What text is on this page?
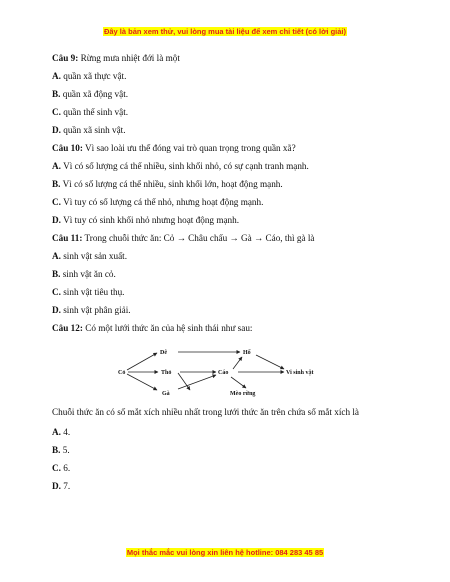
Đây là bản xem thử, vui lòng mua tài liệu để xem chi tiết (có lời giải)
Câu 9: Rừng mưa nhiệt đới là một
A. quần xã thực vật.
B. quần xã động vật.
C. quần thể sinh vật.
D. quần xã sinh vật.
Câu 10: Vì sao loài ưu thế đóng vai trò quan trọng trong quần xã?
A. Vì có số lượng cá thể nhiều, sinh khối nhỏ, có sự cạnh tranh mạnh.
B. Vì có số lượng cá thể nhiều, sinh khối lớn, hoạt động mạnh.
C. Vì tuy có số lượng cá thể nhỏ, nhưng hoạt động mạnh.
D. Vì tuy có sinh khối nhỏ nhưng hoạt động mạnh.
Câu 11: Trong chuỗi thức ăn: Cỏ → Châu chấu → Gà → Cáo, thì gà là
A. sinh vật sản xuất.
B. sinh vật ăn cỏ.
C. sinh vật tiêu thụ.
D. sinh vật phân giải.
Câu 12: Có một lưới thức ăn của hệ sinh thái như sau:
Cỏ
Dê
Thỏ
Gà
Cáo
Hổ
Mèo rừng
Vi sinh vật
Chuỗi thức ăn có số mắt xích nhiều nhất trong lưới thức ăn trên chứa số mắt xích là
A. 4.
B. 5.
C. 6.
D. 7.
Mọi thắc mắc vui lòng xin liên hệ hotline: 084 283 45 85
